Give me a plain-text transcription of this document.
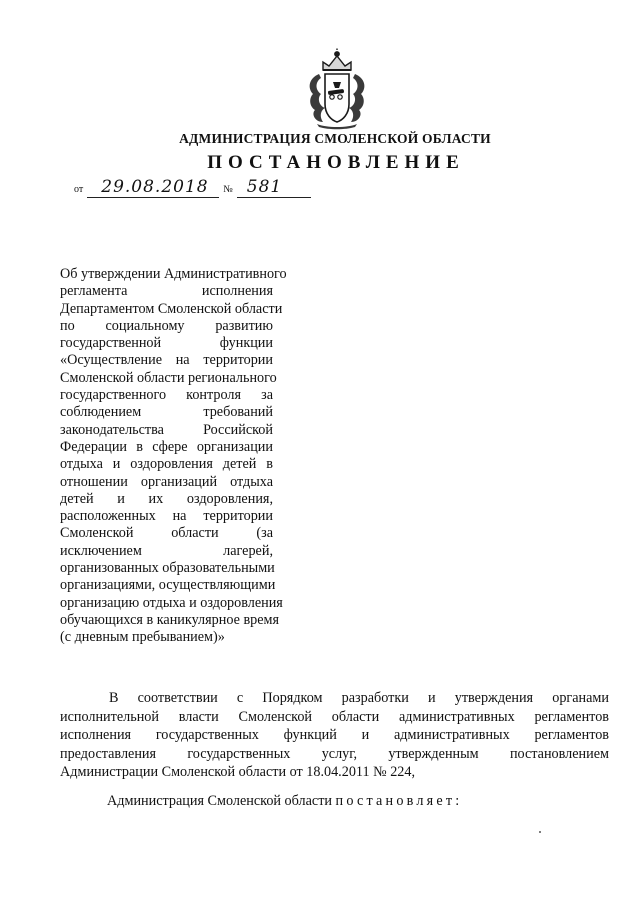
АДМИНИСТРАЦИЯ СМОЛЕНСКОЙ ОБЛАСТИ
ПОСТАНОВЛЕНИЕ
от 29.08.2018 № 581
Об утверждении Административного
регламента исполнения
Департаментом Смоленской области
по социальному развитию
государственной функции
«Осуществление на территории
Смоленской области регионального
государственного контроля за
соблюдением требований
законодательства Российской
Федерации в сфере организации
отдыха и оздоровления детей в
отношении организаций отдыха
детей и их оздоровления,
расположенных на территории
Смоленской области (за
исключением лагерей,
организованных образовательными
организациями, осуществляющими
организацию отдыха и оздоровления
обучающихся в каникулярное время
(с дневным пребыванием)»
В соответствии с Порядком разработки и утверждения органами
исполнительной власти Смоленской области административных регламентов
исполнения государственных функций и административных регламентов
предоставления государственных услуг, утвержденным постановлением
Администрации Смоленской области от 18.04.2011 № 224,
Администрация Смоленской области постановляет:
